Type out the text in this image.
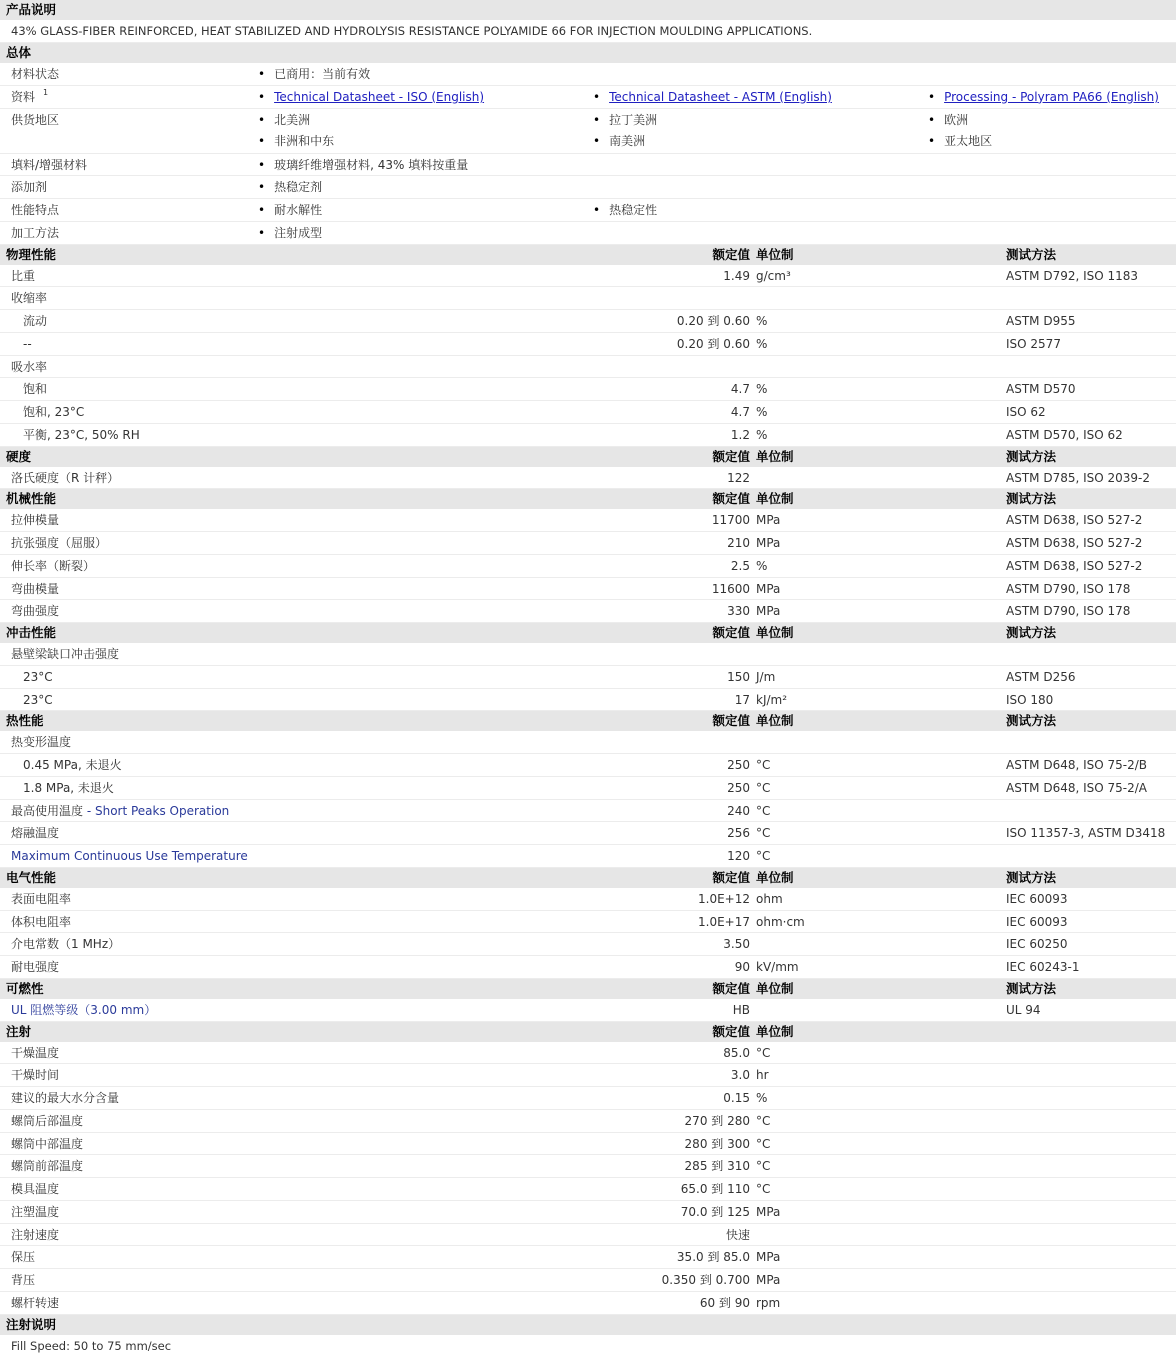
产品说明
43% GLASS-FIBER REINFORCED, HEAT STABILIZED AND HYDROLYSIS RESISTANCE POLYAMIDE 66 FOR INJECTION MOULDING APPLICATIONS.
总体
材料状态	• 已商用：当前有效
资料 1	• Technical Datasheet - ISO (English)	• Technical Datasheet - ASTM (English)	• Processing - Polyram PA66 (English)
供货地区	• 北美洲	• 拉丁美洲	• 欧洲
• 非洲和中东	• 南美洲	• 亚太地区
填料/增强材料	• 玻璃纤维增强材料, 43% 填料按重量
添加剂	• 热稳定剂
性能特点	• 耐水解性	• 热稳定性
加工方法	• 注射成型
物理性能	额定值 单位制	测试方法
比重	1.49 g/cm³	ASTM D792, ISO 1183
收缩率
流动	0.20 到 0.60 %	ASTM D955
--	0.20 到 0.60 %	ISO 2577
吸水率
饱和	4.7 %	ASTM D570
饱和, 23°C	4.7 %	ISO 62
平衡, 23°C, 50% RH	1.2 %	ASTM D570, ISO 62
硬度	额定值 单位制	测试方法
洛氏硬度（R 计秤）	122	ASTM D785, ISO 2039-2
机械性能	额定值 单位制	测试方法
拉伸模量	11700 MPa	ASTM D638, ISO 527-2
抗张强度（屈服）	210 MPa	ASTM D638, ISO 527-2
伸长率（断裂）	2.5 %	ASTM D638, ISO 527-2
弯曲模量	11600 MPa	ASTM D790, ISO 178
弯曲强度	330 MPa	ASTM D790, ISO 178
冲击性能	额定值 单位制	测试方法
悬壁梁缺口冲击强度
23°C	150 J/m	ASTM D256
23°C	17 kJ/m²	ISO 180
热性能	额定值 单位制	测试方法
热变形温度
0.45 MPa, 未退火	250 °C	ASTM D648, ISO 75-2/B
1.8 MPa, 未退火	250 °C	ASTM D648, ISO 75-2/A
最高使用温度 - Short Peaks Operation	240 °C
熔融温度	256 °C	ISO 11357-3, ASTM D3418
Maximum Continuous Use Temperature	120 °C
电气性能	额定值 单位制	测试方法
表面电阻率	1.0E+12 ohm	IEC 60093
体积电阻率	1.0E+17 ohm·cm	IEC 60093
介电常数（1 MHz）	3.50	IEC 60250
耐电强度	90 kV/mm	IEC 60243-1
可燃性	额定值 单位制	测试方法
UL 阻燃等级（3.00 mm）	HB	UL 94
注射	额定值 单位制
干燥温度	85.0 °C
干燥时间	3.0 hr
建议的最大水分含量	0.15 %
螺筒后部温度	270 到 280 °C
螺筒中部温度	280 到 300 °C
螺筒前部温度	285 到 310 °C
模具温度	65.0 到 110 °C
注塑温度	70.0 到 125 MPa
注射速度	快速
保压	35.0 到 85.0 MPa
背压	0.350 到 0.700 MPa
螺杆转速	60 到 90 rpm
注射说明
Fill Speed: 50 to 75 mm/sec
